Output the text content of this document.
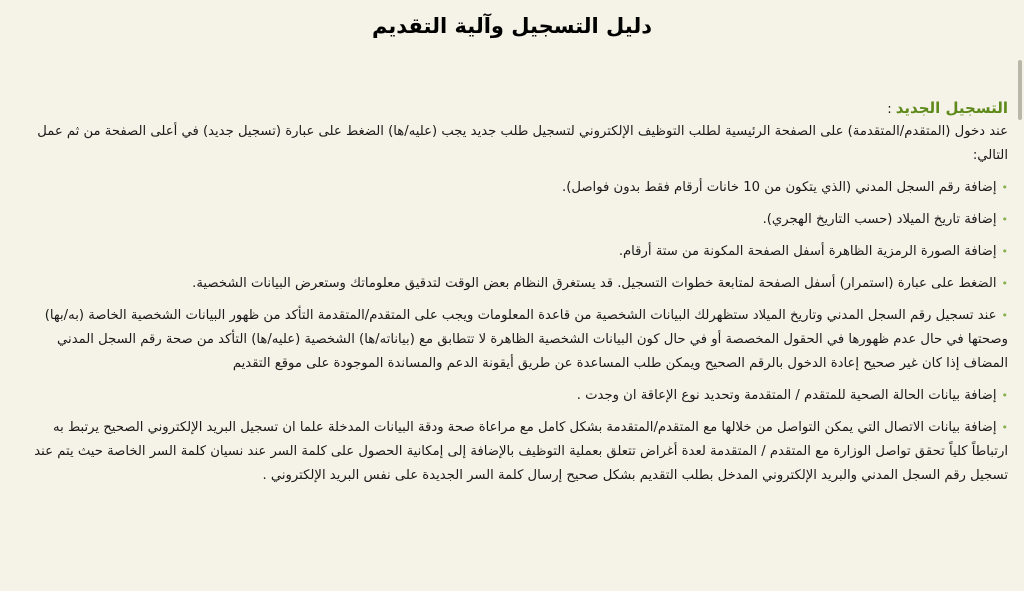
دليل التسجيل وآلية التقديم
التسجيل الجديد:

عند دخول (المتقدم/المتقدمة) على الصفحة الرئيسية لطلب التوظيف الإلكتروني لتسجيل طلب جديد يجب (عليه/ها) الضغط على عبارة (تسجيل جديد) في أعلى الصفحة من ثم عمل التالي:

•إضافة رقم السجل المدني (الذي يتكون من 10 خانات أرقام فقط بدون فواصل).
•إضافة تاريخ الميلاد (حسب التاريخ الهجري).
•إضافة الصورة الرمزية الظاهرة أسفل الصفحة المكونة من ستة أرقام.
•الضغط على عبارة (استمرار) أسفل الصفحة لمتابعة خطوات التسجيل. قد يستغرق النظام بعض الوقت لتدقيق معلوماتك وستعرض البيانات الشخصية.
•عند تسجيل رقم السجل المدني وتاريخ الميلاد ستظهرلك البيانات الشخصية من قاعدة المعلومات ويجب على المتقدم/المتقدمة التأكد من ظهور البيانات الشخصية الخاصة (به/بها) وصحتها في حال عدم ظهورها في الحقول المخصصة أو في حال كون البيانات الشخصية الظاهرة لا تتطابق مع (بياناته/ها) الشخصية (عليه/ها) التأكد من صحة رقم السجل المدني المضاف إذا كان غير صحيح إعادة الدخول بالرقم الصحيح ويمكن طلب المساعدة عن طريق أيقونة الدعم والمساندة الموجودة على موقع التقديم
•إضافة بيانات الحالة الصحية للمتقدم / المتقدمة وتحديد نوع الإعاقة ان وجدت .
•إضافة بيانات الاتصال التي يمكن التواصل من خلالها مع المتقدم/المتقدمة بشكل كامل مع مراعاة صحة ودقة البيانات المدخلة علما ان تسجيل البريد الإلكتروني الصحيح يرتبط به ارتباطاً كلياً تحقق تواصل الوزارة مع المتقدم / المتقدمة لعدة أغراض تتعلق بعملية التوظيف بالإضافة إلى إمكانية الحصول على كلمة السر عند نسيان كلمة السر الخاصة حيث يتم عند تسجيل رقم السجل المدني والبريد الإلكتروني المدخل بطلب التقديم بشكل صحيح إرسال كلمة السر الجديدة على نفس البريد الإلكتروني .
